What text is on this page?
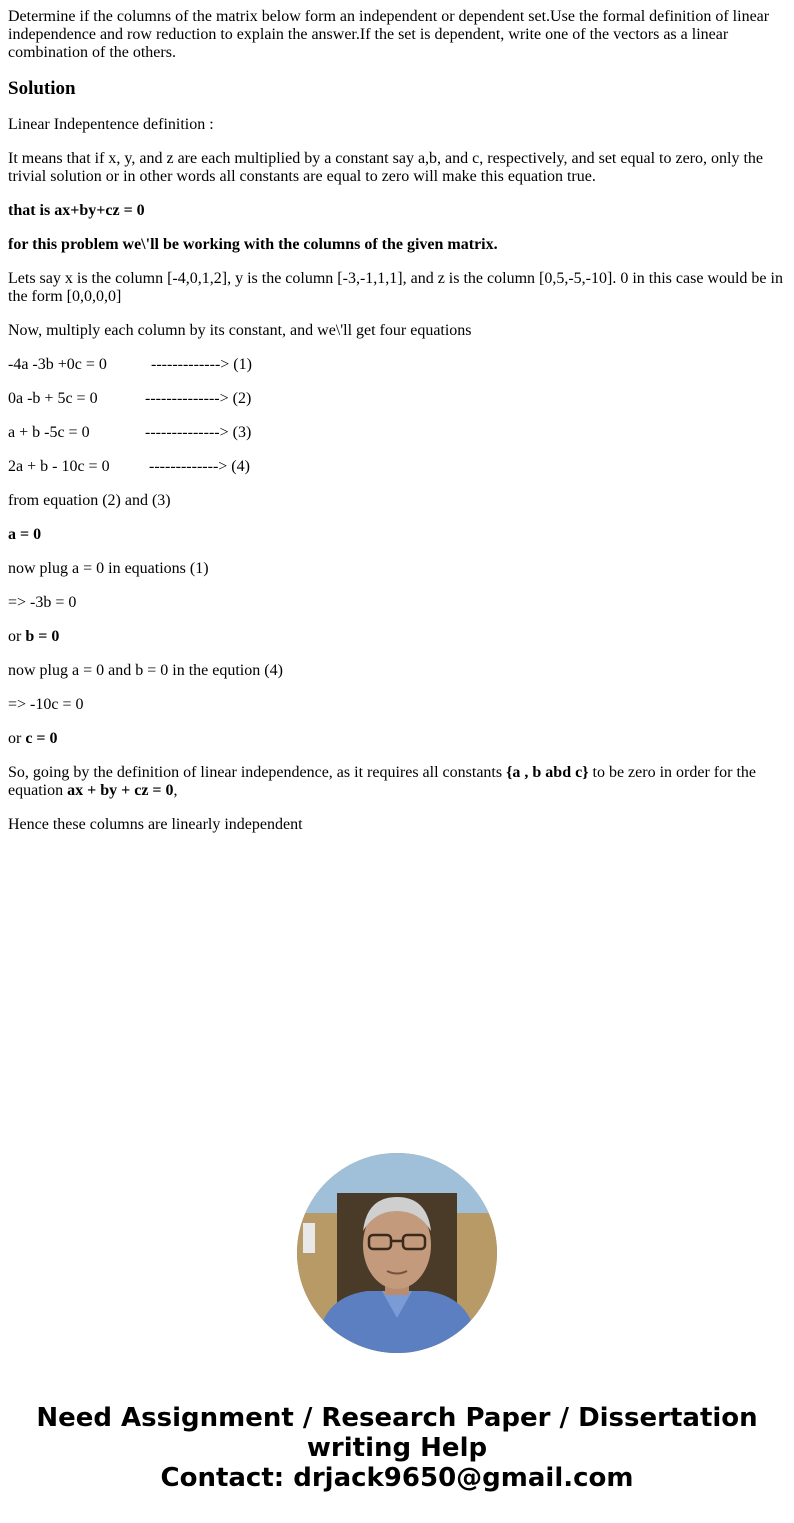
Determine if the columns of the matrix below form an independent or dependent set.Use the formal definition of linear independence and row reduction to explain the answer.If the set is dependent, write one of the vectors as a linear combination of the others.

Solution

Linear Indepentence definition :

It means that if x, y, and z are each multiplied by a constant say a,b, and c, respectively, and set equal to zero, only the trivial solution or in other words all constants are equal to zero will make this equation true.

that is ax+by+cz = 0

for this problem we\'ll be working with the columns of the given matrix.

Lets say x is the column [-4,0,1,2], y is the column [-3,-1,1,1], and z is the column [0,5,-5,-10]. 0 in this case would be in the form [0,0,0,0]

Now, multiply each column by its constant, and we\'ll get four equations

-4a -3b +0c = 0	-------------> (1)
0a -b + 5c = 0	--------------> (2)
a + b -5c = 0	--------------> (3)
2a + b - 10c = 0	-------------> (4)

from equation (2) and (3)

a = 0

now plug a = 0 in equations (1)

=> -3b = 0

or b = 0

now plug a = 0 and b = 0 in the eqution (4)

=> -10c = 0

or c = 0

So, going by the definition of linear independence, as it requires all constants {a , b abd c} to be zero in order for the equation ax + by + cz = 0,

Hence these columns are linearly independent

Need Assignment / Research Paper / Dissertation
writing Help
Contact: drjack9650@gmail.com
